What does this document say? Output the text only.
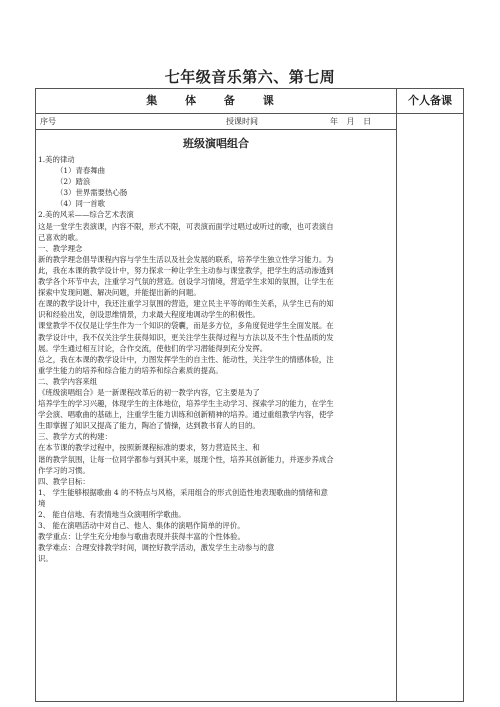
七年级音乐第六、第七周
集 体 备 课	个人备课
序号	授课时间	年 月 日
班级演唱组合
1.美的律动
（1）青春舞曲
（2）踏浪
（3）世界需要热心肠
（4）同一首歌
2.美的风采——综合艺术表演
这是一堂学生表演课，内容不限，形式不限，可表演而面学过唱过或听过的歌，也可表演自
己喜欢的歌。
一、教学理念
新的教学理念倡导课程内容与学生生活以及社会发展的联系，培养学生独立性学习能力。为
此，我在本课的教学设计中，努力探求一种让学生主动参与课堂教学，把学生的活动渗透到
教学各个环节中去，注重学习气氛的营造。创设学习情境，营造学生求知的氛围，让学生在
探索中发现问题、解决问题，并能提出新的问题。
在课的教学设计中，我还注重学习氛围的营造，建立民主平等的师生关系，从学生已有的知
识和经验出发，创设思维情景，力求最大程度地调动学生的积极性。
课堂教学不仅仅是让学生作为一个知识的袋囊，而是多方位，多角度促进学生全面发展。在
教学设计中，我不仅关注学生获得知识，更关注学生获得过程与方法以及不生个性品质的发
展。学生通过相互讨论，合作交流，使他们的学习潜能得到充分发挥。
总之，我在本课的教学设计中，力图发挥学生的自主性、能动性，关注学生的情感体验，注
重学生能力的培养和综合能力的培养和综合素质的提高。
二、教学内容来组
《班级演唱组合》是一新课程改革后的初一教学内容，它主要是为了
培养学生的学习兴趣，体现学生的主体地位，培养学生主动学习、探索学习的能力，在学生
学会演、唱歌曲的基础上，注重学生能力训练和创新精神的培养。通过重组教学内容，使学
生即掌握了知识又提高了能力，陶冶了情操，达到教书育人的目的。
三、教学方式的构建：
在本节课的教学过程中，按照新课程标准的要求，努力营造民主、和
谐的教学氛围，让每一位同学都参与到其中来，展现个性，培养其创新能力，并逐步养成合
作学习的习惯。
四、教学目标：
1、 学生能够根据歌曲 4 的不特点与风格，采用组合的形式创造性地表现歌曲的情绪和意
境
2、 能自信地、有表情地当众演唱所学歌曲。
3、 能在演唱活动中对自己、他人、集体的演唱作简单的评价。
教学重点：让学生充分地参与歌曲表现并获得丰富的个性体验。
教学难点：合理安排教学时间，调控好教学活动，激发学生主动参与的意
识。
